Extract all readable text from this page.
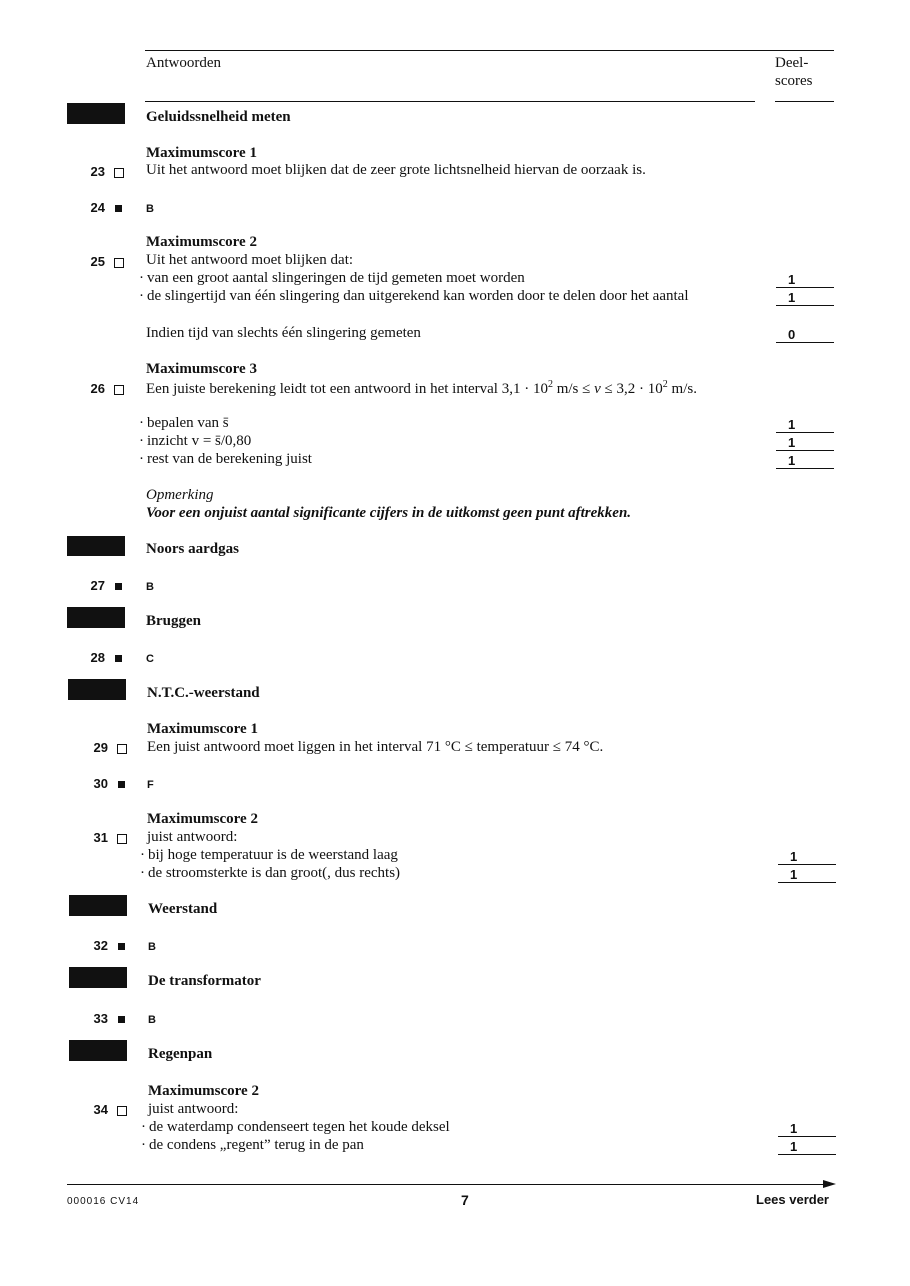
Antwoorden	Deel-
scores
Geluidssnelheid meten
Maximumscore 1
23	Uit het antwoord moet blijken dat de zeer grote lichtsnelheid hiervan de oorzaak is.
24	B
Maximumscore 2
25	Uit het antwoord moet blijken dat:
· van een groot aantal slingeringen de tijd gemeten moet worden	1
· de slingertijd van één slingering dan uitgerekend kan worden door te delen door het aantal	1
Indien tijd van slechts één slingering gemeten	0
Maximumscore 3
26	Een juiste berekening leidt tot een antwoord in het interval $3,1 \cdot 10^2$ $m/s \le v \le 3,2 \cdot 10^2$ m/s.
· bepalen van s̄	1
· inzicht v = s̄/0,80	1
· rest van de berekening juist	1
Opmerking
Voor een onjuist aantal significante cijfers in de uitkomst geen punt aftrekken.
Noors aardgas
27	B
Bruggen
28	C
N.T.C.-weerstand
Maximumscore 1
29	Een juist antwoord moet liggen in het interval 71 °C ≤ temperatuur ≤ 74 °C.
30	F
Maximumscore 2
31	juist antwoord:
· bij hoge temperatuur is de weerstand laag	1
· de stroomsterkte is dan groot(, dus rechts)	1
Weerstand
32	B
De transformator
33	B
Regenpan
Maximumscore 2
34	juist antwoord:
· de waterdamp condenseert tegen het koude deksel	1
· de condens „regent” terug in de pan	1
000016 CV14	7	Lees verder
